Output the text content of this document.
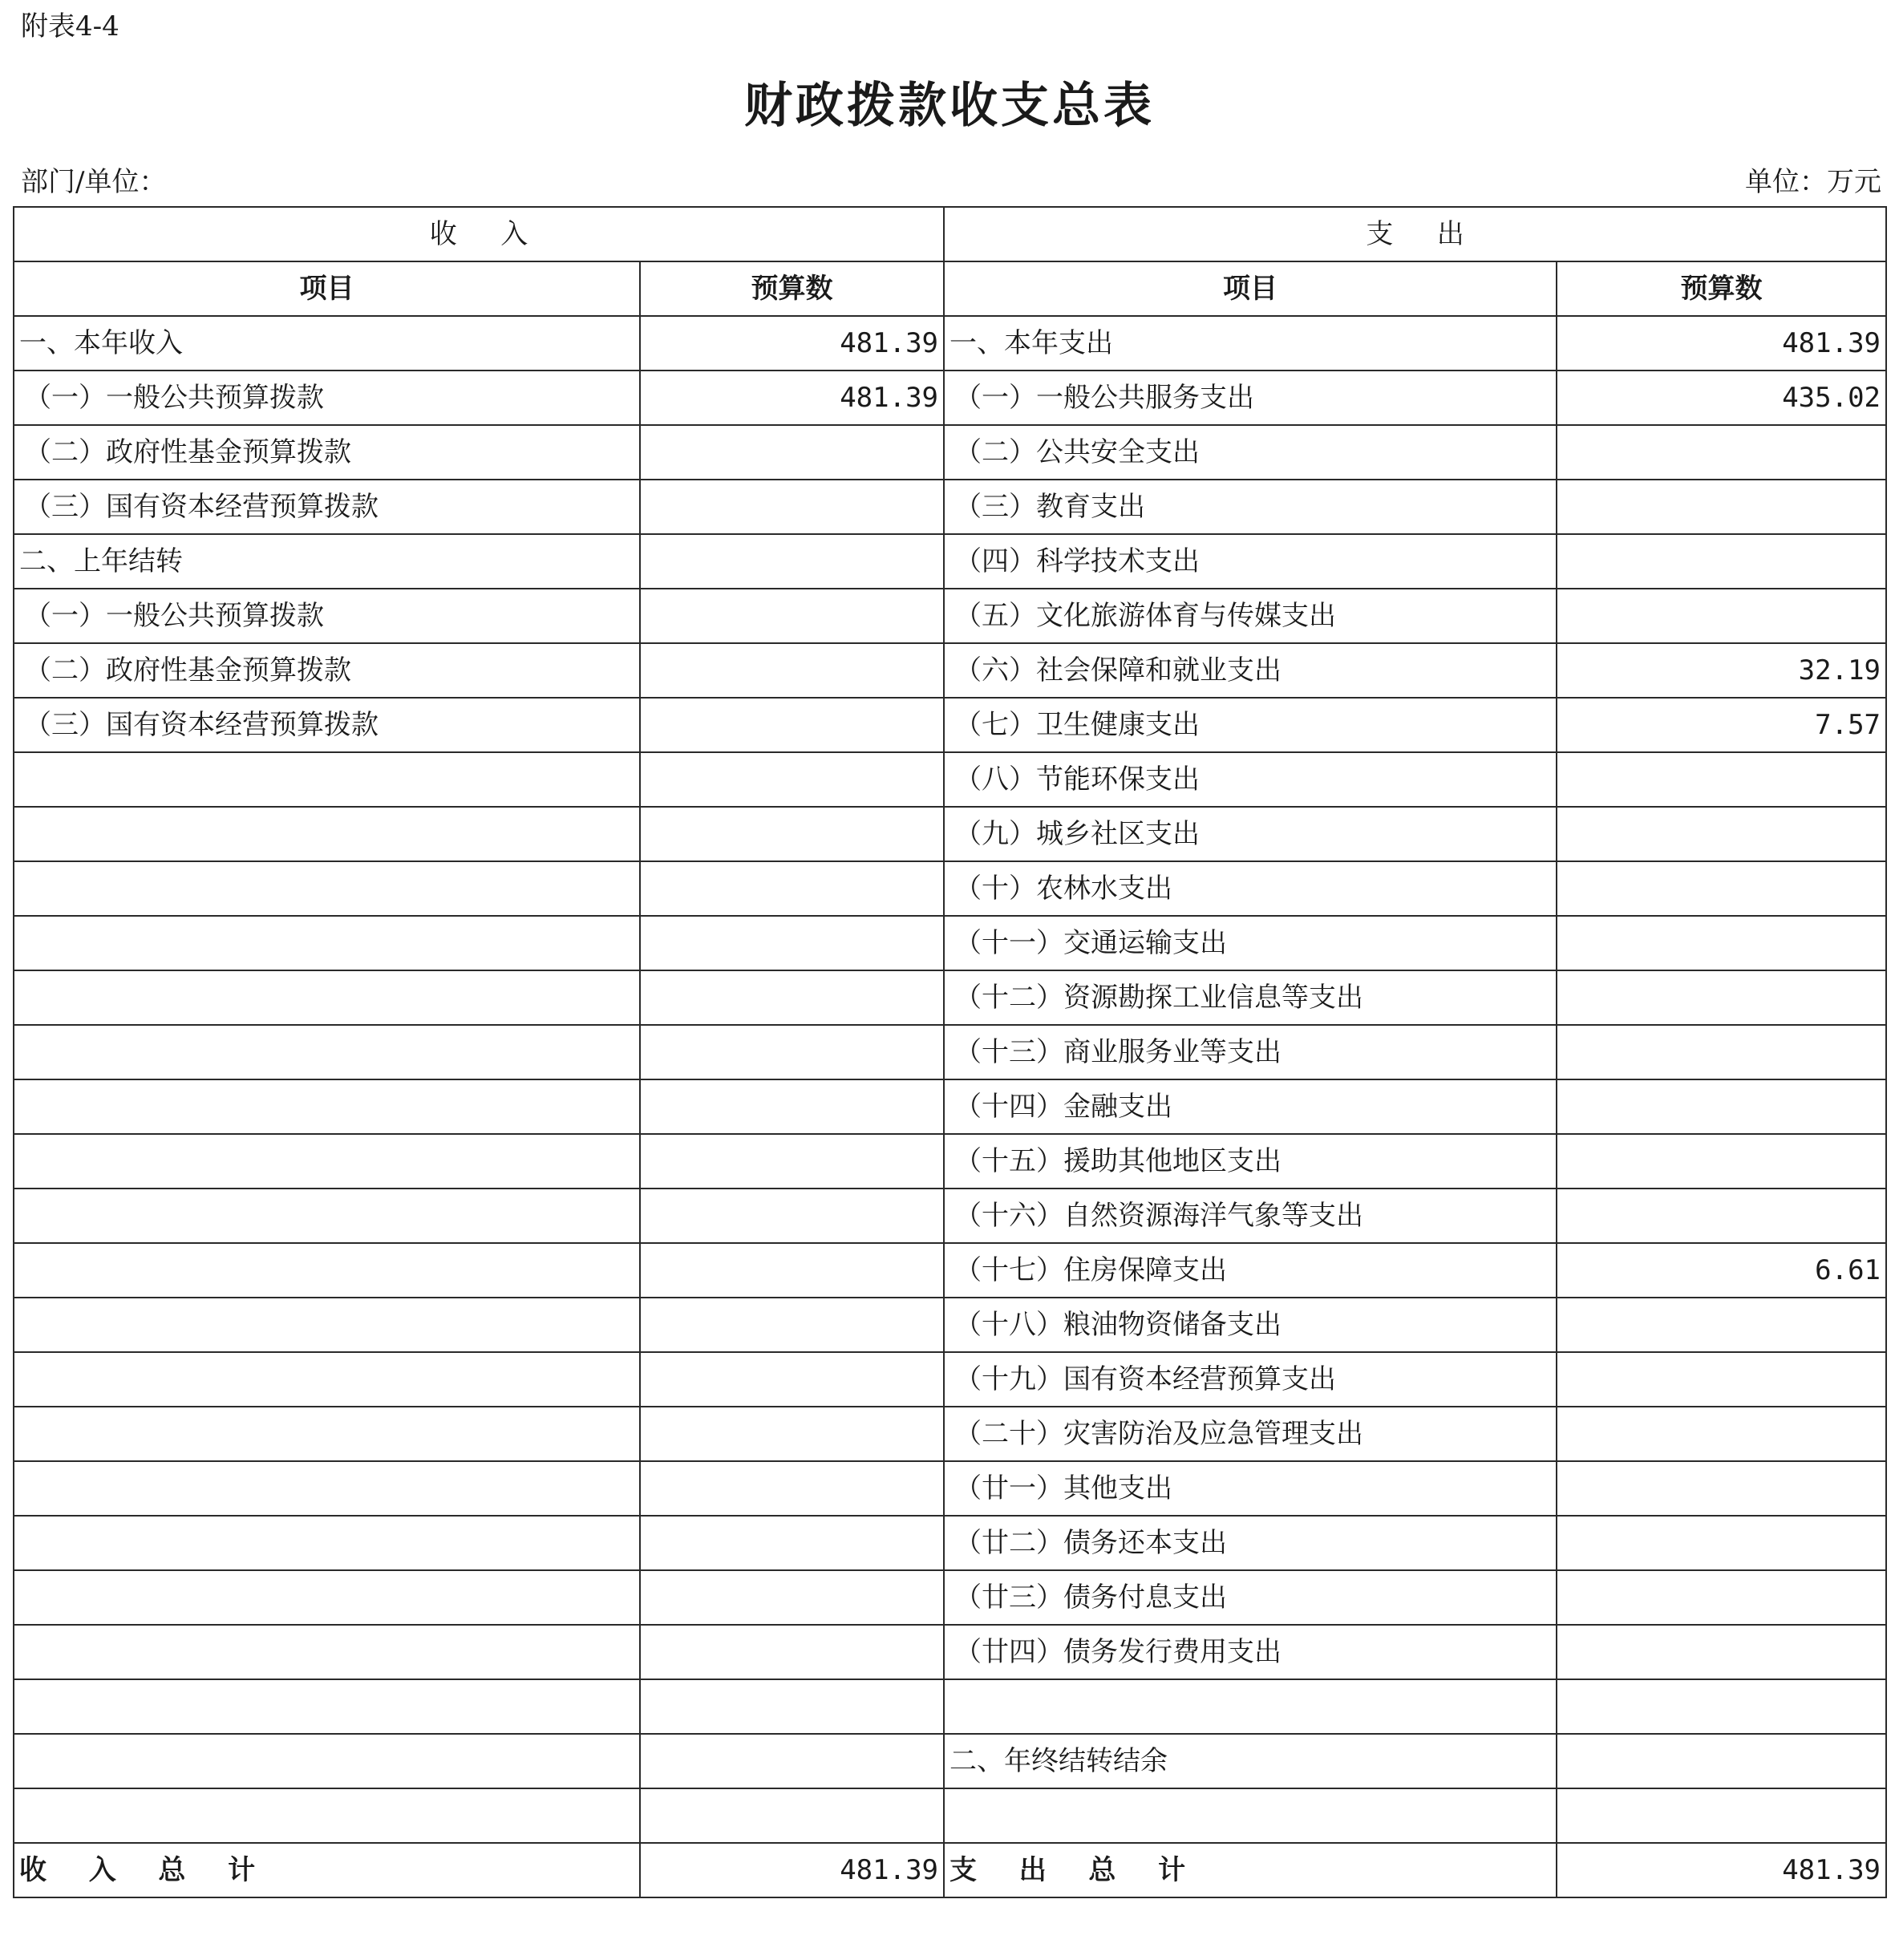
附表4-4
财政拨款收支总表
部门/单位：	单位：万元
收入		支出	
项目	预算数	项目	预算数
一、本年收入	481.39	一、本年支出	481.39
（一）一般公共预算拨款	481.39	（一）一般公共服务支出	435.02
（二）政府性基金预算拨款		（二）公共安全支出	
（三）国有资本经营预算拨款		（三）教育支出	
二、上年结转		（四）科学技术支出	
（一）一般公共预算拨款		（五）文化旅游体育与传媒支出	
（二）政府性基金预算拨款		（六）社会保障和就业支出	32.19
（三）国有资本经营预算拨款		（七）卫生健康支出	7.57
		（八）节能环保支出	
		（九）城乡社区支出	
		（十）农林水支出	
		（十一）交通运输支出	
		（十二）资源勘探工业信息等支出	
		（十三）商业服务业等支出	
		（十四）金融支出	
		（十五）援助其他地区支出	
		（十六）自然资源海洋气象等支出	
		（十七）住房保障支出	6.61
		（十八）粮油物资储备支出	
		（十九）国有资本经营预算支出	
		（二十）灾害防治及应急管理支出	
		（廿一）其他支出	
		（廿二）债务还本支出	
		（廿三）债务付息支出	
		（廿四）债务发行费用支出	

		二、年终结转结余	

收入总计	481.39	支出总计	481.39
